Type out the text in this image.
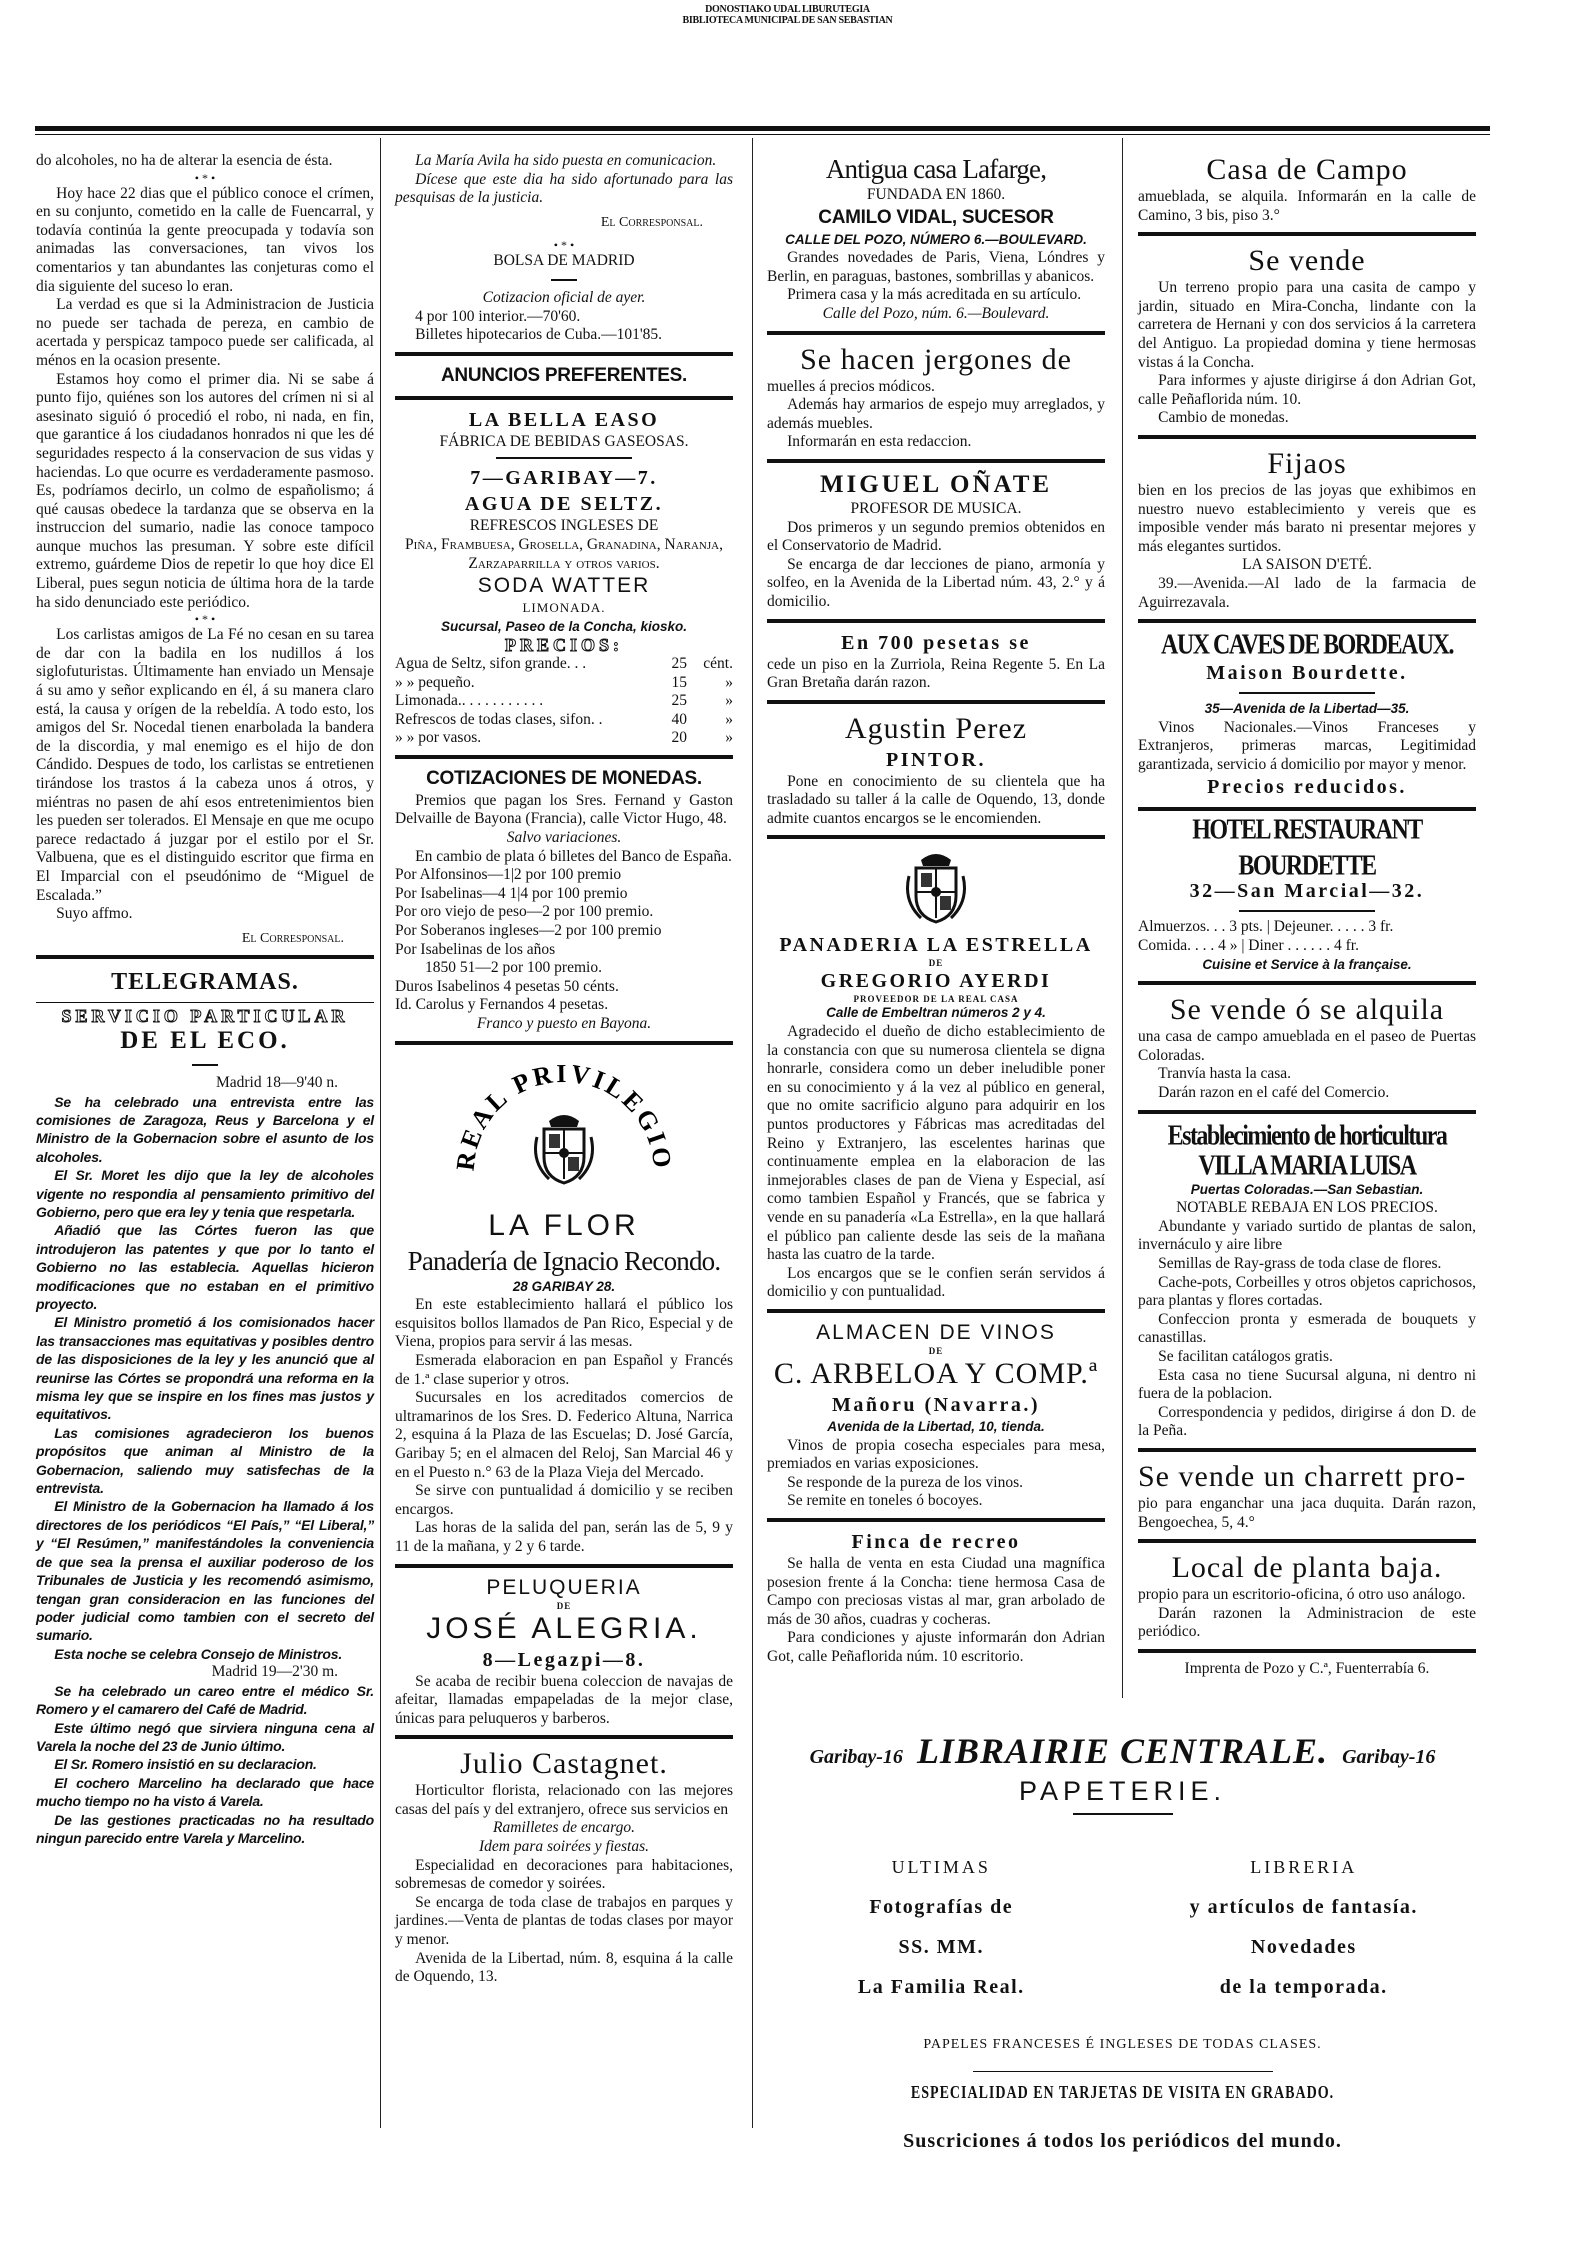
DONOSTIAKO UDAL LIBURUTEGIA
BIBLIOTECA MUNICIPAL DE SAN SEBASTIAN
do alcoholes, no ha de alterar la esencia de ésta.
• * •
Hoy hace 22 dias que el público conoce el crímen, en su conjunto, cometido en la calle de Fuencarral, y todavía continúa la gente preocupada y todavía son animadas las conversaciones, tan vivos los comentarios y tan abundantes las conjeturas como el dia siguiente del suceso lo eran.
La verdad es que si la Administracion de Justicia no puede ser tachada de pereza, en cambio de acertada y perspicaz tampoco puede ser calificada, al ménos en la ocasion presente.
Estamos hoy como el primer dia. Ni se sabe á punto fijo, quiénes son los autores del crímen ni si al asesinato siguió ó procedió el robo, ni nada, en fin, que garantice á los ciudadanos honrados ni que les dé seguridades respecto á la conservacion de sus vidas y haciendas. Lo que ocurre es verdaderamente pasmoso. Es, podríamos decirlo, un colmo de españolismo; á qué causas obedece la tardanza que se observa en la instruccion del sumario, nadie las conoce tampoco aunque muchos las presuman. Y sobre este difícil extremo, guárdeme Dios de repetir lo que hoy dice El Liberal, pues segun noticia de última hora de la tarde ha sido denunciado este periódico.
• * •
Los carlistas amigos de La Fé no cesan en su tarea de dar con la badila en los nudillos á los siglofuturistas. Últimamente han enviado un Mensaje á su amo y señor explicando en él, á su manera claro está, la causa y orígen de la rebeldía. A todo esto, los amigos del Sr. Nocedal tienen enarbolada la bandera de la discordia, y mal enemigo es el hijo de don Cándido. Despues de todo, los carlistas se entretienen tirándose los trastos á la cabeza unos á otros, y miéntras no pasen de ahí esos entretenimientos bien les pueden ser tolerados. El Mensaje en que me ocupo parece redactado á juzgar por el estilo por el Sr. Valbuena, que es el distinguido escritor que firma en El Imparcial con el pseudónimo de “Miguel de Escalada.”
Suyo affmo.
El Corresponsal.
TELEGRAMAS.
SERVICIO PARTICULAR
DE EL ECO.
Madrid 18—9'40 n.
Se ha celebrado una entrevista entre las comisiones de Zaragoza, Reus y Barcelona y el Ministro de la Gobernacion sobre el asunto de los alcoholes.
El Sr. Moret les dijo que la ley de alcoholes vigente no respondia al pensamiento primitivo del Gobierno, pero que era ley y tenia que respetarla.
Añadió que las Córtes fueron las que introdujeron las patentes y que por lo tanto el Gobierno no las establecia. Aquellas hicieron modificaciones que no estaban en el primitivo proyecto.
El Ministro prometió á los comisionados hacer las transacciones mas equitativas y posibles dentro de las disposiciones de la ley y les anunció que al reunirse las Córtes se propondrá una reforma en la misma ley que se inspire en los fines mas justos y equitativos.
Las comisiones agradecieron los buenos propósitos que animan al Ministro de la Gobernacion, saliendo muy satisfechas de la entrevista.
El Ministro de la Gobernacion ha llamado á los directores de los periódicos “El País,” “El Liberal,” y “El Resúmen,” manifestándoles la conveniencia de que sea la prensa el auxiliar poderoso de los Tribunales de Justicia y les recomendó asimismo, tengan gran consideracion en las funciones del poder judicial como tambien con el secreto del sumario.
Esta noche se celebra Consejo de Ministros.
Madrid 19—2'30 m.
Se ha celebrado un careo entre el médico Sr. Romero y el camarero del Café de Madrid.
Este último negó que sirviera ninguna cena al Varela la noche del 23 de Junio último.
El Sr. Romero insistió en su declaracion.
El cochero Marcelino ha declarado que hace mucho tiempo no ha visto á Varela.
De las gestiones practicadas no ha resultado ningun parecido entre Varela y Marcelino.
La María Avila ha sido puesta en comunicacion.
Dícese que este dia ha sido afortunado para las pesquisas de la justicia.
El Corresponsal.
• * •
BOLSA DE MADRID
Cotizacion oficial de ayer.
4 por 100 interior.—70'60.
Billetes hipotecarios de Cuba.—101'85.
ANUNCIOS PREFERENTES.
LA BELLA EASO
FÁBRICA DE BEBIDAS GASEOSAS.
7—GARIBAY—7.
AGUA DE SELTZ.
REFRESCOS INGLESES DE
Piña, Frambuesa, Grosella, Granadina, Naranja, Zarzaparrilla y otros varios.
SODA WATTER
LIMONADA.
Sucursal, Paseo de la Concha, kiosko.
PRECIOS:
Agua de Seltz, sifon grande. . .	25	cént.
» » pequeño.	15	»
Limonada.. . . . . . . . . . .	25	»
Refrescos de todas clases, sifon. .	40	»
» » por vasos.	20	»
COTIZACIONES DE MONEDAS.
Premios que pagan los Sres. Fernand y Gaston Delvaille de Bayona (Francia), calle Victor Hugo, 48.
Salvo variaciones.
En cambio de plata ó billetes del Banco de España.
Por Alfonsinos—1|2 por 100 premio
Por Isabelinas—4 1|4 por 100 premio
Por oro viejo de peso—2 por 100 premio.
Por Soberanos ingleses—2 por 100 premio
Por Isabelinas de los años
1850 51—2 por 100 premio.
Duros Isabelinos 4 pesetas 50 cénts.
Id. Carolus y Fernandos 4 pesetas.
Franco y puesto en Bayona.
REAL PRIVILEGIO
LA FLOR
Panadería de Ignacio Recondo.
28 GARIBAY 28.
En este establecimiento hallará el público los esquisitos bollos llamados de Pan Rico, Especial y de Viena, propios para servir á las mesas.
Esmerada elaboracion en pan Español y Francés de 1.ª clase superior y otros.
Sucursales en los acreditados comercios de ultramarinos de los Sres. D. Federico Altuna, Narrica 2, esquina á la Plaza de las Escuelas; D. José García, Garibay 5; en el almacen del Reloj, San Marcial 46 y en el Puesto n.° 63 de la Plaza Vieja del Mercado.
Se sirve con puntualidad á domicilio y se reciben encargos.
Las horas de la salida del pan, serán las de 5, 9 y 11 de la mañana, y 2 y 6 tarde.
PELUQUERIA
DE
JOSÉ ALEGRIA.
8—Legazpi—8.
Se acaba de recibir buena coleccion de navajas de afeitar, llamadas empapeladas de la mejor clase, únicas para peluqueros y barberos.
Julio Castagnet.
Horticultor florista, relacionado con las mejores casas del país y del extranjero, ofrece sus servicios en
Ramilletes de encargo.
Idem para soirées y fiestas.
Especialidad en decoraciones para habitaciones, sobremesas de comedor y soirées.
Se encarga de toda clase de trabajos en parques y jardines.—Venta de plantas de todas clases por mayor y menor.
Avenida de la Libertad, núm. 8, esquina á la calle de Oquendo, 13.
Antigua casa Lafarge,
FUNDADA EN 1860.
CAMILO VIDAL, SUCESOR
CALLE DEL POZO, NÚMERO 6.—BOULEVARD.
Grandes novedades de Paris, Viena, Lóndres y Berlin, en paraguas, bastones, sombrillas y abanicos.
Primera casa y la más acreditada en su artículo.
Calle del Pozo, núm. 6.—Boulevard.
Se hacen jergones de
muelles á precios módicos.
Además hay armarios de espejo muy arreglados, y además muebles.
Informarán en esta redaccion.
MIGUEL OÑATE
PROFESOR DE MUSICA.
Dos primeros y un segundo premios obtenidos en el Conservatorio de Madrid.
Se encarga de dar lecciones de piano, armonía y solfeo, en la Avenida de la Libertad núm. 43, 2.° y á domicilio.
En 700 pesetas se
cede un piso en la Zurriola, Reina Regente 5. En La Gran Bretaña darán razon.
Agustin Perez
PINTOR.
Pone en conocimiento de su clientela que ha trasladado su taller á la calle de Oquendo, 13, donde admite cuantos encargos se le encomienden.
PANADERIA LA ESTRELLA
DE
GREGORIO AYERDI
PROVEEDOR DE LA REAL CASA
Calle de Embeltran números 2 y 4.
Agradecido el dueño de dicho establecimiento de la constancia con que su numerosa clientela se digna honrarle, considera como un deber ineludible poner en su conocimiento y á la vez al público en general, que no omite sacrificio alguno para adquirir en los puntos productores y Fábricas mas acreditadas del Reino y Extranjero, las escelentes harinas que continuamente emplea en la elaboracion de las inmejorables clases de pan de Viena y Especial, así como tambien Español y Francés, que se fabrica y vende en su panadería «La Estrella», en la que hallará el público pan caliente desde las seis de la mañana hasta las cuatro de la tarde.
Los encargos que se le confien serán servidos á domicilio y con puntualidad.
ALMACEN DE VINOS
DE
C. ARBELOA Y COMP.ª
Mañoru (Navarra.)
Avenida de la Libertad, 10, tienda.
Vinos de propia cosecha especiales para mesa, premiados en varias exposiciones.
Se responde de la pureza de los vinos.
Se remite en toneles ó bocoyes.
Finca de recreo
Se halla de venta en esta Ciudad una magnífica posesion frente á la Concha: tiene hermosa Casa de Campo con preciosas vistas al mar, gran arbolado de más de 30 años, cuadras y cocheras.
Para condiciones y ajuste informarán don Adrian Got, calle Peñaflorida núm. 10 escritorio.
Casa de Campo
amueblada, se alquila. Informarán en la calle de Camino, 3 bis, piso 3.°
Se vende
Un terreno propio para una casita de campo y jardin, situado en Mira-Concha, lindante con la carretera de Hernani y con dos servicios á la carretera del Antiguo. La propiedad domina y tiene hermosas vistas á la Concha.
Para informes y ajuste dirigirse á don Adrian Got, calle Peñaflorida núm. 10.
Cambio de monedas.
Fijaos
bien en los precios de las joyas que exhibimos en nuestro nuevo establecimiento y vereis que es imposible vender más barato ni presentar mejores y más elegantes surtidos.
LA SAISON D'ETÉ.
39.—Avenida.—Al lado de la farmacia de Aguirrezavala.
AUX CAVES DE BORDEAUX.
Maison Bourdette.
35—Avenida de la Libertad—35.
Vinos Nacionales.—Vinos Franceses y Extranjeros, primeras marcas, Legitimidad garantizada, servicio á domicilio por mayor y menor.
Precios reducidos.
HOTEL RESTAURANT BOURDETTE
32—San Marcial—32.
Almuerzos. . . 3 pts. | Dejeuner. . . . . 3 fr.
Comida. . . . 4 » | Diner . . . . . . 4 fr.
Cuisine et Service à la française.
Se vende ó se alquila
una casa de campo amueblada en el paseo de Puertas Coloradas.
Tranvía hasta la casa.
Darán razon en el café del Comercio.
Establecimiento de horticultura
VILLA MARIA LUISA
Puertas Coloradas.—San Sebastian.
NOTABLE REBAJA EN LOS PRECIOS.
Abundante y variado surtido de plantas de salon, invernáculo y aire libre
Semillas de Ray-grass de toda clase de flores.
Cache-pots, Corbeilles y otros objetos caprichosos, para plantas y flores cortadas.
Confeccion pronta y esmerada de bouquets y canastillas.
Se facilitan catálogos gratis.
Esta casa no tiene Sucursal alguna, ni dentro ni fuera de la poblacion.
Correspondencia y pedidos, dirigirse á don D. de la Peña.
Se vende un charrett pro-
pio para enganchar una jaca duquita. Darán razon, Bengoechea, 5, 4.°
Local de planta baja.
propio para un escritorio-oficina, ó otro uso análogo.
Darán razonen la Administracion de este periódico.
Imprenta de Pozo y C.ª, Fuenterrabía 6.
Garibay-16 LIBRAIRIE CENTRALE. Garibay-16
PAPETERIE.
ULTIMAS
Fotografías de
SS. MM.
La Familia Real.
LIBRERIA
y artículos de fantasía.
Novedades
de la temporada.
PAPELES FRANCESES É INGLESES DE TODAS CLASES.
ESPECIALIDAD EN TARJETAS DE VISITA EN GRABADO.
Suscriciones á todos los periódicos del mundo.
